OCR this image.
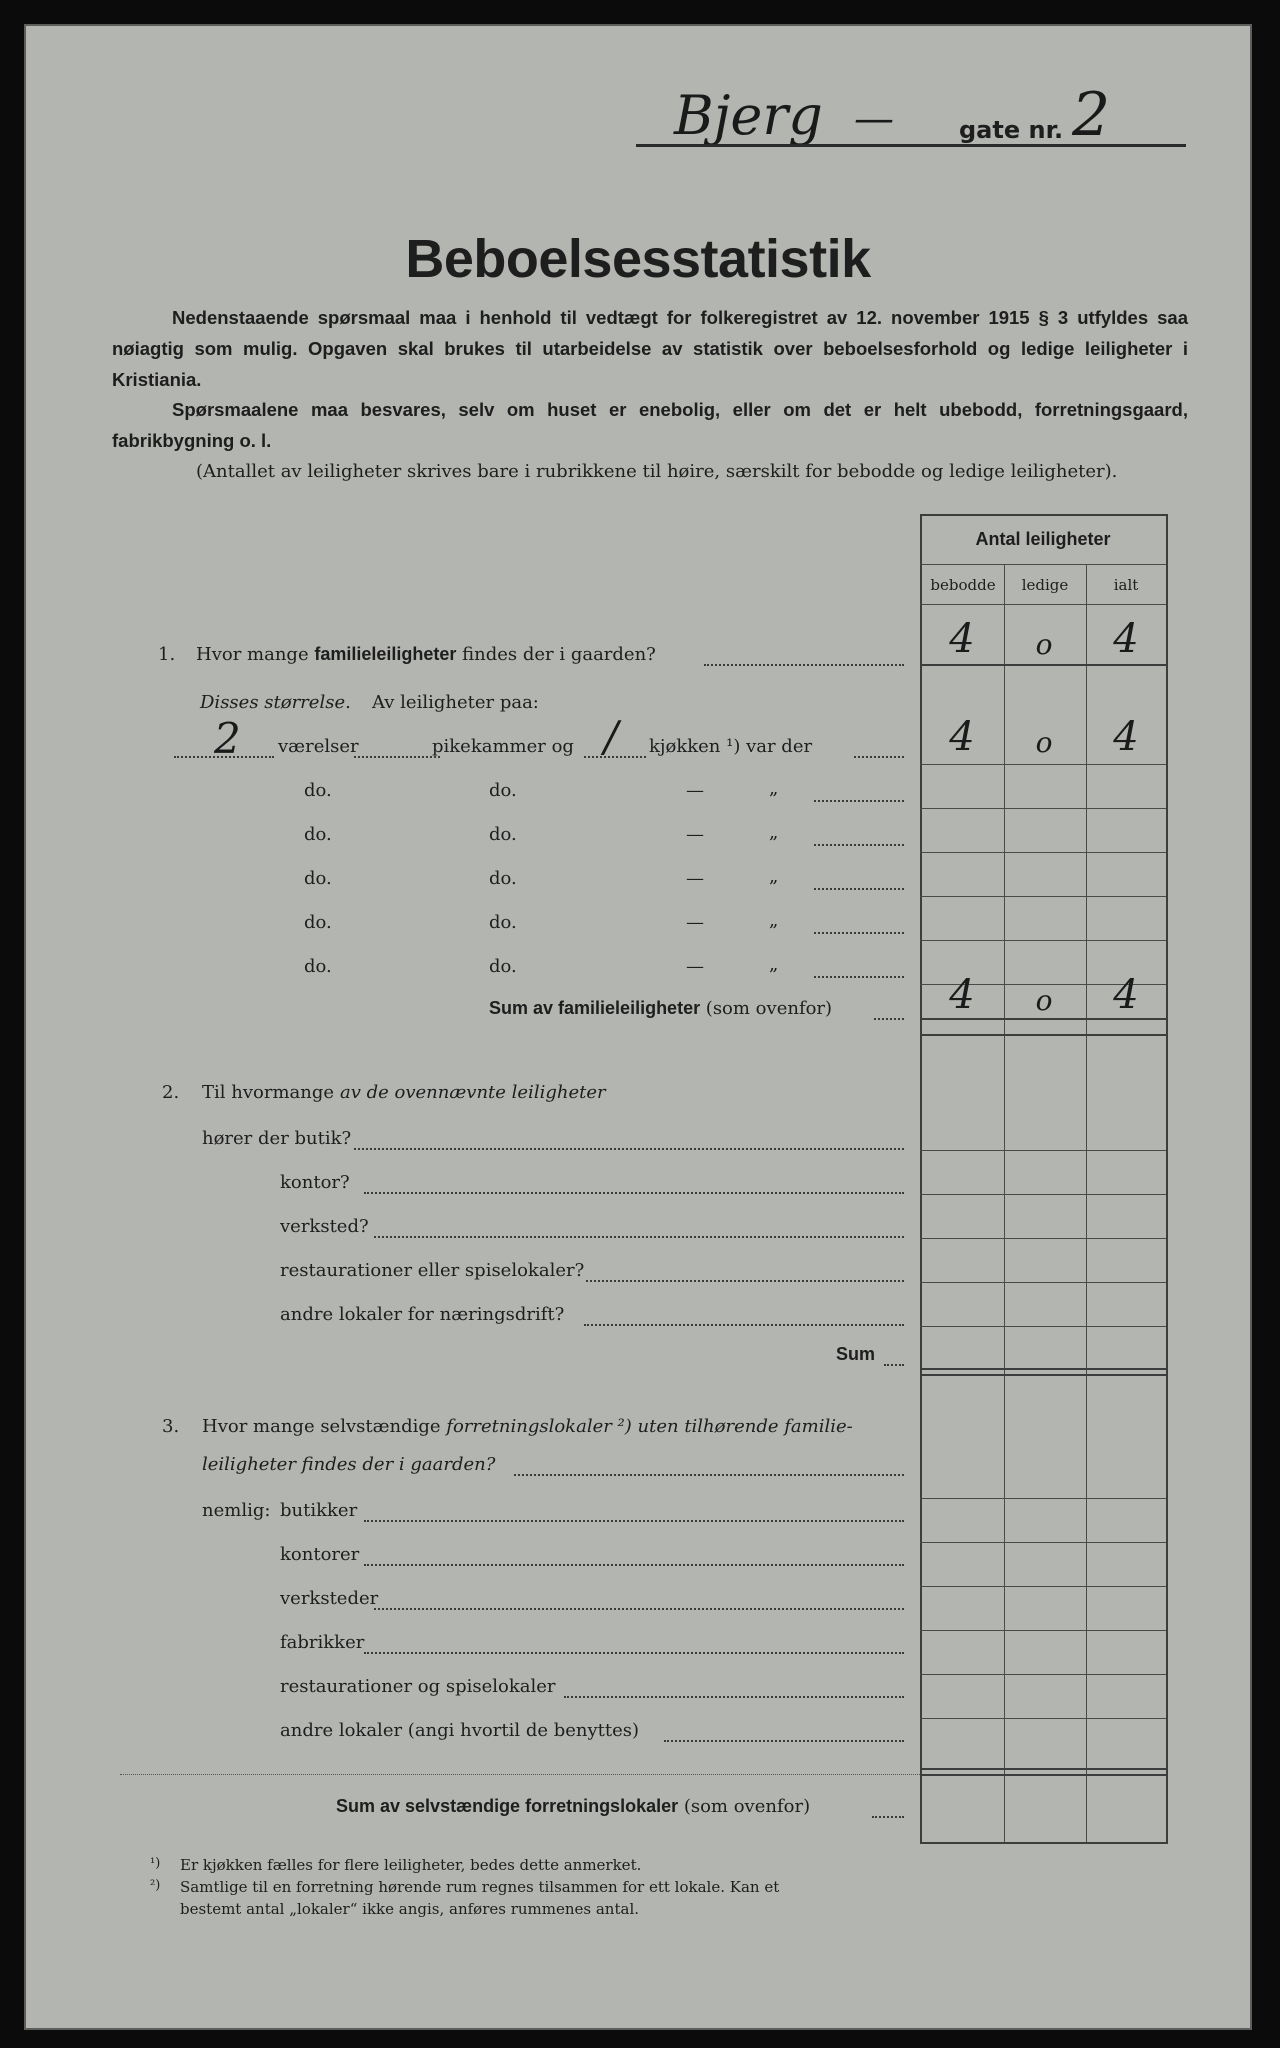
Bjerg —	gate nr. 2
Beboelsesstatistik
Nedenstaaende spørsmaal maa i henhold til vedtægt for folkeregistret av 12. november 1915 § 3 utfyldes saa nøiagtig som mulig. Opgaven skal brukes til utarbeidelse av statistik over beboelsesforhold og ledige leiligheter i Kristiania.
Spørsmaalene maa besvares, selv om huset er enebolig, eller om det er helt ubebodd, forretningsgaard, fabrikbygning o. l.
(Antallet av leiligheter skrives bare i rubrikkene til høire, særskilt for bebodde og ledige leiligheter).
Antal leiligheter
bebodde	ledige	ialt
1. Hvor mange familieleiligheter findes der i gaarden?	4	o	4
Disses størrelse. Av leiligheter paa:
2 værelser	pikekammer og / kjøkken ¹) var der	4	o	4
do.	do.	—	„
do.	do.	—	„
do.	do.	—	„
do.	do.	—	„
do.	do.	—	„
Sum av familieleiligheter (som ovenfor)	4	o	4
2. Til hvormange av de ovennævnte leiligheter
hører der butik?
kontor?
verksted?
restaurationer eller spiselokaler?
andre lokaler for næringsdrift?
Sum
3. Hvor mange selvstændige forretningslokaler ²) uten tilhørende familie-
leiligheter findes der i gaarden?
nemlig: butikker
kontorer
verksteder
fabrikker
restaurationer og spiselokaler
andre lokaler (angi hvortil de benyttes)
Sum av selvstændige forretningslokaler (som ovenfor)
¹) Er kjøkken fælles for flere leiligheter, bedes dette anmerket.
²) Samtlige til en forretning hørende rum regnes tilsammen for ett lokale. Kan et
bestemt antal „lokaler“ ikke angis, anføres rummenes antal.
